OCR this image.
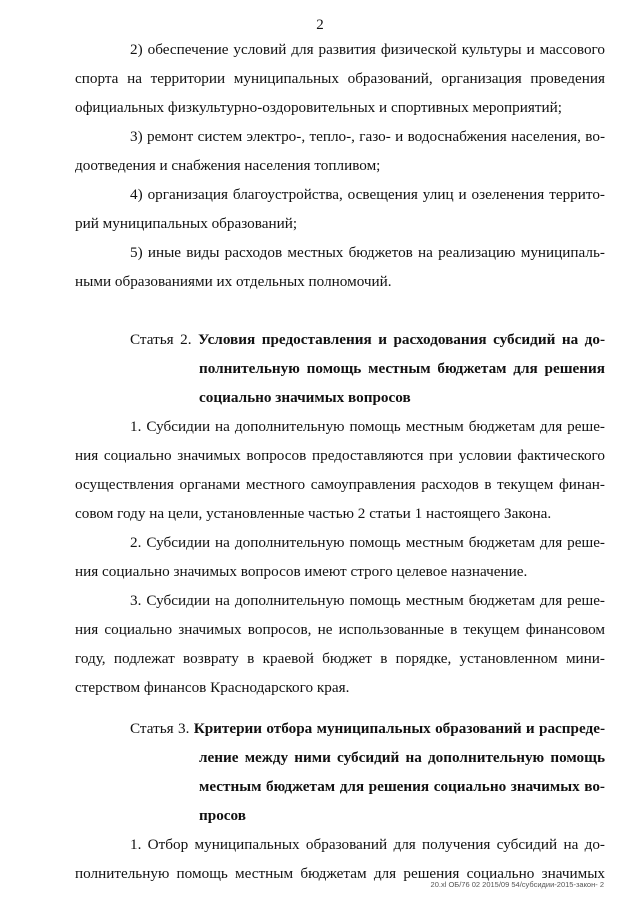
2
2) обеспечение условий для развития физической культуры и массового
спорта на территории муниципальных образований, организация проведения
официальных физкультурно-оздоровительных и спортивных мероприятий;
3) ремонт систем электро-, тепло-, газо- и водоснабжения населения, во-
доотведения и снабжения населения топливом;
4) организация благоустройства, освещения улиц и озеленения террито-
рий муниципальных образований;
5) иные виды расходов местных бюджетов на реализацию муниципаль-
ными образованиями их отдельных полномочий.
Статья 2. Условия предоставления и расходования субсидий на до-
полнительную помощь местным бюджетам для решения
социально значимых вопросов
1. Субсидии на дополнительную помощь местным бюджетам для реше-
ния социально значимых вопросов предоставляются при условии фактического
осуществления органами местного самоуправления расходов в текущем финан-
совом году на цели, установленные частью 2 статьи 1 настоящего Закона.
2. Субсидии на дополнительную помощь местным бюджетам для реше-
ния социально значимых вопросов имеют строго целевое назначение.
3. Субсидии на дополнительную помощь местным бюджетам для реше-
ния социально значимых вопросов, не использованные в текущем финансовом
году, подлежат возврату в краевой бюджет в порядке, установленном мини-
стерством финансов Краснодарского края.
Статья 3. Критерии отбора муниципальных образований и распреде-
ление между ними субсидий на дополнительную помощь
местным бюджетам для решения социально значимых во-
просов
1. Отбор муниципальных образований для получения субсидий на до-
полнительную помощь местным бюджетам для решения социально значимых
20.xl ОБ/76 02 2015/09 54/субсидии-2015-закон- 2
